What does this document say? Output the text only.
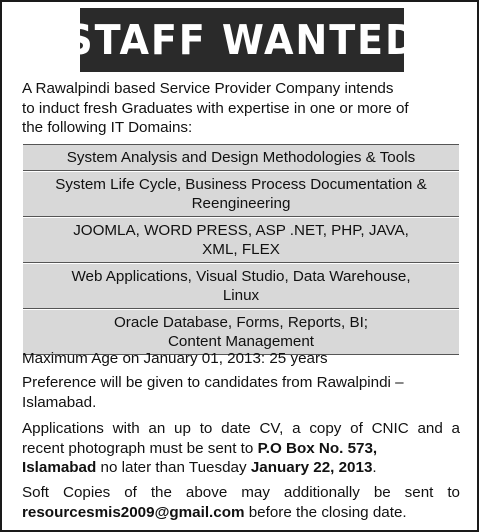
STAFF WANTED
A Rawalpindi based Service Provider Company intends
to induct fresh Graduates with expertise in one or more of
the following IT Domains:
System Analysis and Design Methodologies & Tools
System Life Cycle, Business Process Documentation &
Reengineering
JOOMLA, WORD PRESS, ASP .NET, PHP, JAVA,
XML, FLEX
Web Applications, Visual Studio, Data Warehouse,
Linux
Oracle Database, Forms, Reports, BI;
Content Management
Maximum Age on January 01, 2013: 25 years
Preference will be given to candidates from Rawalpindi –
Islamabad.
Applications with an up to date CV, a copy of CNIC and a
recent photograph must be sent to P.O Box No. 573,
Islamabad no later than Tuesday January 22, 2013.
Soft Copies of the above may additionally be sent to
resourcesmis2009@gmail.com before the closing date.
